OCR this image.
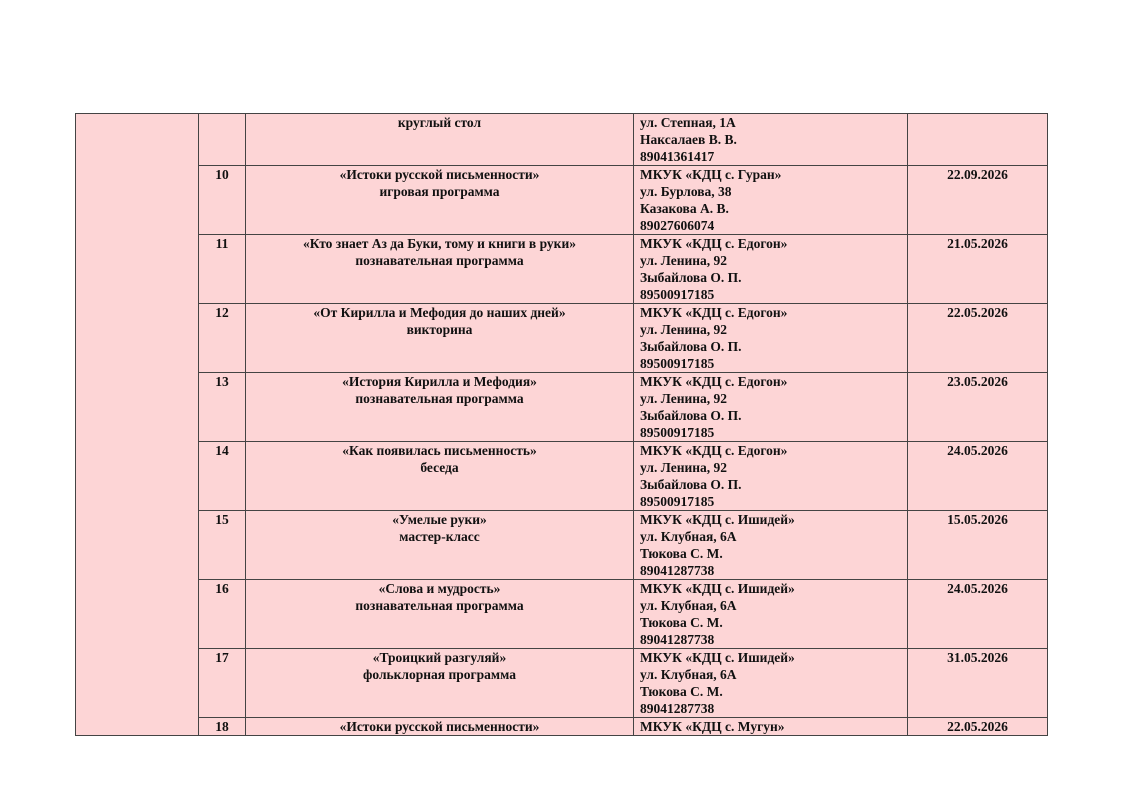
		круглый стол	ул. Степная, 1А
Наксалаев В. В.
89041361417	

	10	«Истоки русской письменности»
игровая программа	МКУК «КДЦ с. Гуран»
ул. Бурлова, 38
Казакова А. В.
89027606074	22.09.2026
	11	«Кто знает Аз да Буки, тому и книги в руки»
познавательная программа	МКУК «КДЦ с. Едогон»
ул. Ленина, 92
Зыбайлова О. П.
89500917185	21.05.2026
	12	«От Кирилла и Мефодия до наших дней»
викторина	МКУК «КДЦ с. Едогон»
ул. Ленина, 92
Зыбайлова О. П.
89500917185	22.05.2026
	13	«История Кирилла и Мефодия»
познавательная программа	МКУК «КДЦ с. Едогон»
ул. Ленина, 92
Зыбайлова О. П.
89500917185	23.05.2026
	14	«Как появилась письменность»
беседа	МКУК «КДЦ с. Едогон»
ул. Ленина, 92
Зыбайлова О. П.
89500917185	24.05.2026
	15	«Умелые руки»
мастер-класс	МКУК «КДЦ с. Ишидей»
ул. Клубная, 6А
Тюкова С. М.
89041287738	15.05.2026
	16	«Слова и мудрость»
познавательная программа	МКУК «КДЦ с. Ишидей»
ул. Клубная, 6А
Тюкова С. М.
89041287738	24.05.2026
	17	«Троицкий разгуляй»
фольклорная программа	МКУК «КДЦ с. Ишидей»
ул. Клубная, 6А
Тюкова С. М.
89041287738	31.05.2026
	18	«Истоки русской письменности»	МКУК «КДЦ с. Мугун»	22.05.2026
